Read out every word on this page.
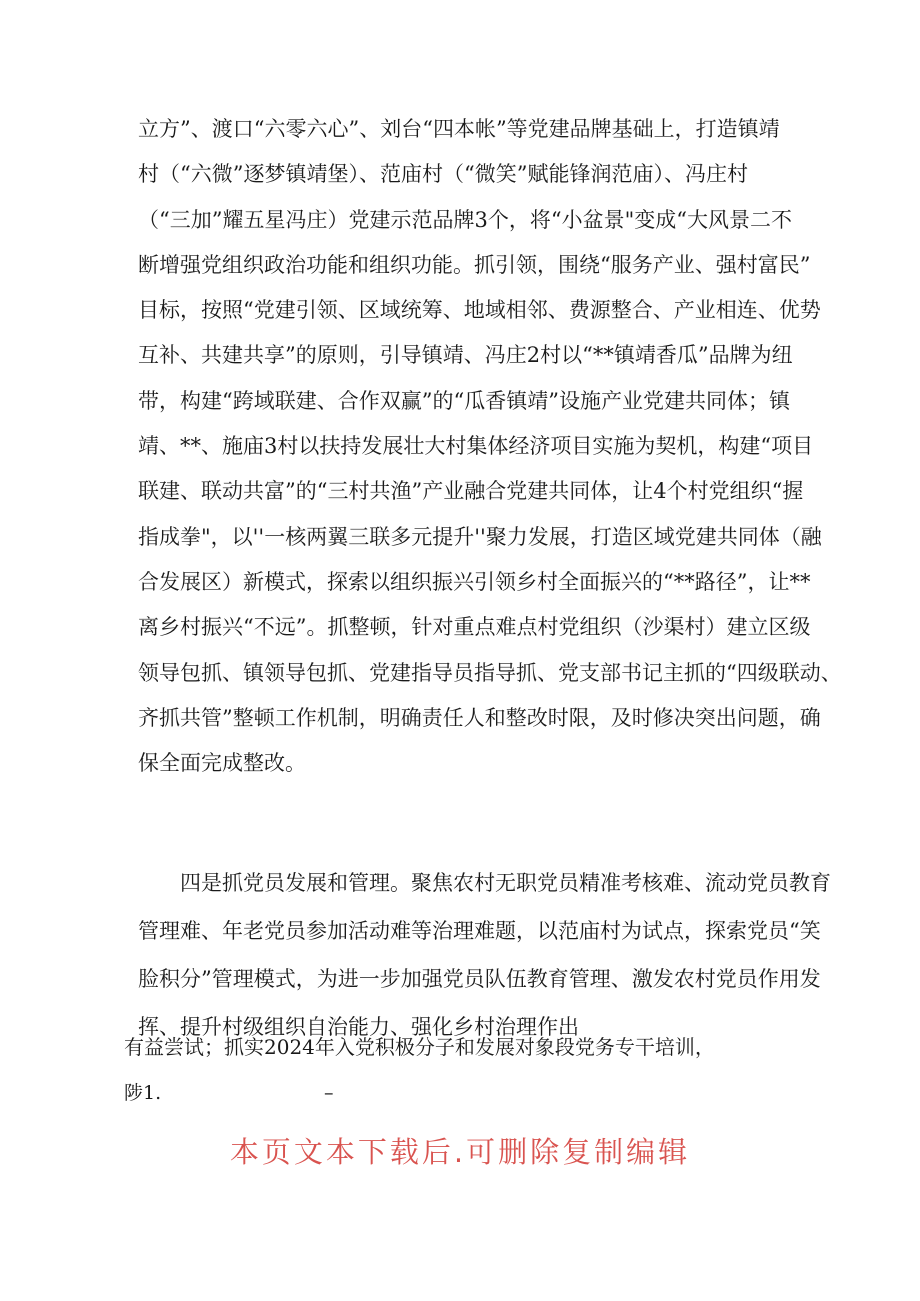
立方”、渡口“六零六心”、刘台“四本帐”等党建品牌基础上，打造镇靖
村（“六微”逐梦镇靖堡）、范庙村（“微笑”赋能锋润范庙）、冯庄村
（“三加”耀五星冯庄）党建示范品牌3个，将“小盆景"变成“大风景二不
断增强党组织政治功能和组织功能。抓引领，围绕“服务产业、强村富民”
目标，按照“党建引领、区域统筹、地域相邻、费源整合、产业相连、优势
互补、共建共享”的原则，引导镇靖、冯庄2村以“**镇靖香瓜”品牌为纽
带，构建“跨域联建、合作双赢”的“瓜香镇靖”设施产业党建共同体；镇
靖、**、施庙3村以扶持发展壮大村集体经济项目实施为契机，构建“项目
联建、联动共富”的“三村共渔”产业融合党建共同体，让4个村党组织“握
指成拳"，以''一核两翼三联多元提升''聚力发展，打造区域党建共同体（融
合发展区）新模式，探索以组织振兴引领乡村全面振兴的“**路径”，让**
离乡村振兴“不远”。抓整顿，针对重点难点村党组织（沙渠村）建立区级
领导包抓、镇领导包抓、党建指导员指导抓、党支部书记主抓的“四级联动、
齐抓共管”整顿工作机制，明确责任人和整改时限，及时修决突出问题，确
保全面完成整改。
四是抓党员发展和管理。聚焦农村无职党员精准考核难、流动党员教育
管理难、年老党员参加活动难等治理难题，以范庙村为试点，探索党员“笑
脸积分”管理模式，为进一步加强党员队伍教育管理、激发农村党员作用发
挥、提升村级组织自治能力、强化乡村治理作出
有益尝试；抓实2024年入党积极分子和发展对象段党务专干培训，
陟1.	–
本页文本下载后.可删除复制编辑
